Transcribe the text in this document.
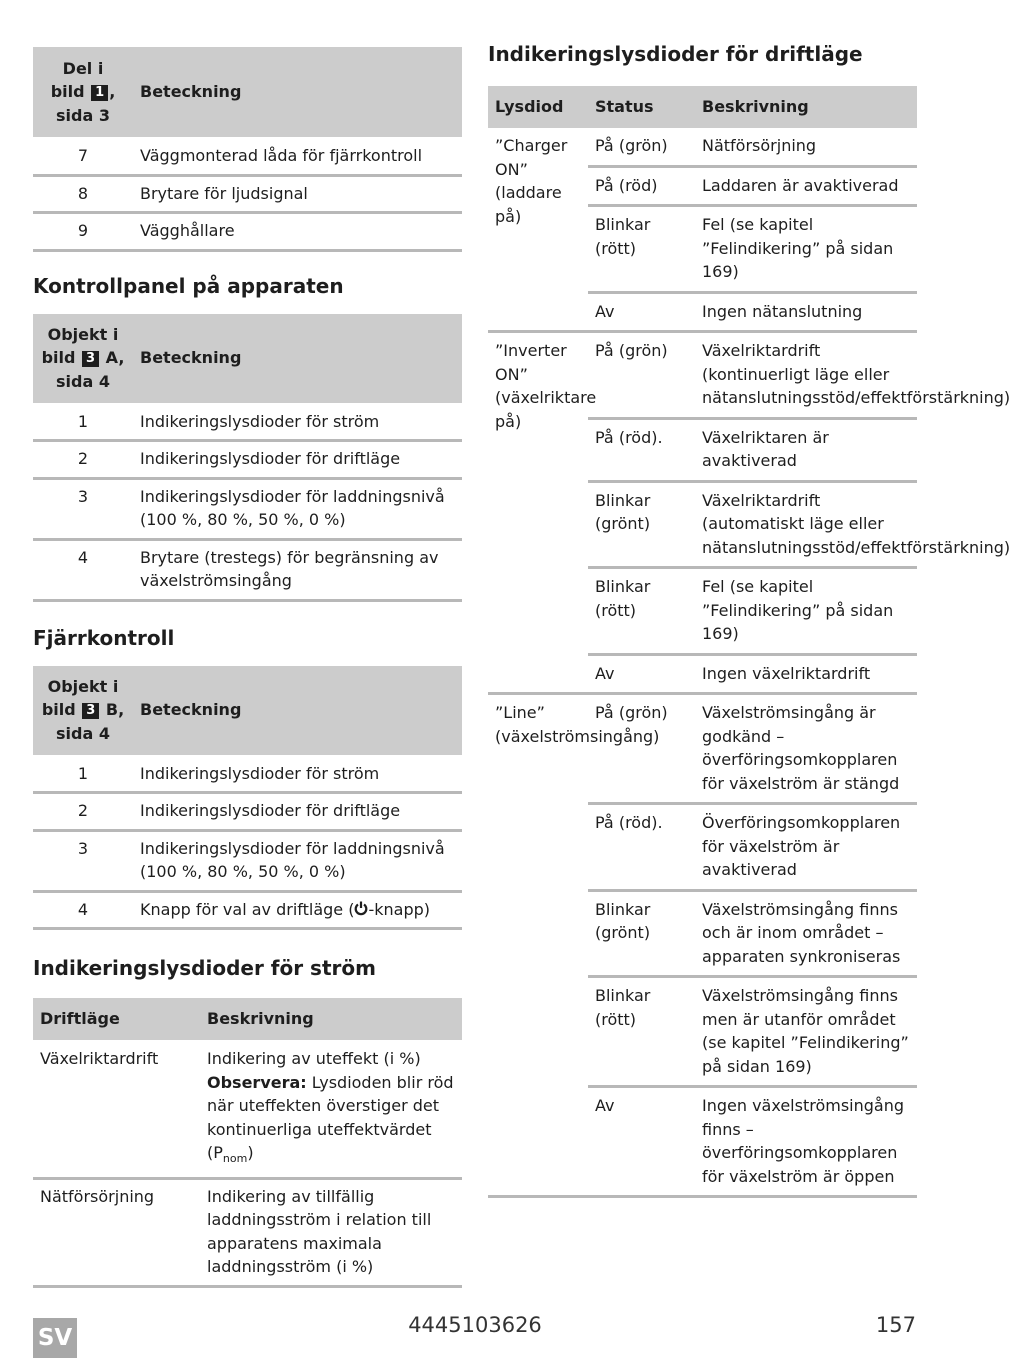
Del i
bild 1 ,
sida 3	Beteckning
7	Väggmonterad låda för fjärrkontroll
8	Brytare för ljudsignal
9	Vägghållare
Kontrollpanel på apparaten
Objekt i
bild 3 A,
sida 4	Beteckning
1	Indikeringslysdioder för ström
2	Indikeringslysdioder för driftläge
3	Indikeringslysdioder för laddningsnivå (100 %, 80 %, 50 %, 0 %)
4	Brytare (trestegs) för begränsning av växelströmsingång
Fjärrkontroll
Objekt i
bild 3 B,
sida 4	Beteckning
1	Indikeringslysdioder för ström
2	Indikeringslysdioder för driftläge
3	Indikeringslysdioder för laddningsnivå (100 %, 80 %, 50 %, 0 %)
4	Knapp för val av driftläge ( -knapp)
Indikeringslysdioder för ström
Driftläge	Beskrivning
Växelriktardrift	Indikering av uteffekt (i %)
Observera: Lysdioden blir röd när uteffekten överstiger det kontinuerliga uteffektvärdet $(P_{nom})$
Nätförsörjning	Indikering av tillfällig laddningsström i relation till apparatens maximala laddningsström (i %)
Indikeringslysdioder för driftläge
Lysdiod	Status	Beskrivning
”Charger ON” (laddare på)	På (grön)	Nätförsörjning
	På (röd)	Laddaren är avaktiverad
	Blinkar (rött)	Fel (se kapitel ”Felindikering” på sidan 169)
	Av	Ingen nätanslutning
”Inverter ON” (växelriktare på)	På (grön)	Växelriktardrift (kontinuerligt läge eller nätanslutningsstöd/effektförstärkning)
	På (röd).	Växelriktaren är avaktiverad
	Blinkar (grönt)	Växelriktardrift (automatiskt läge eller nätanslutningsstöd/effektförstärkning)
	Blinkar (rött)	Fel (se kapitel ”Felindikering” på sidan 169)
	Av	Ingen växelriktardrift
”Line” (växelströmsingång)	På (grön)	Växelströmsingång är godkänd – överföringsomkopplaren för växelström är stängd
	På (röd).	Överföringsomkopplaren för växelström är avaktiverad
	Blinkar (grönt)	Växelströmsingång finns och är inom området – apparaten synkroniseras
	Blinkar (rött)	Växelströmsingång finns men är utanför området (se kapitel ”Felindikering” på sidan 169)
	Av	Ingen växelströmsingång finns – överföringsomkopplaren för växelström är öppen
SV	4445103626	157
